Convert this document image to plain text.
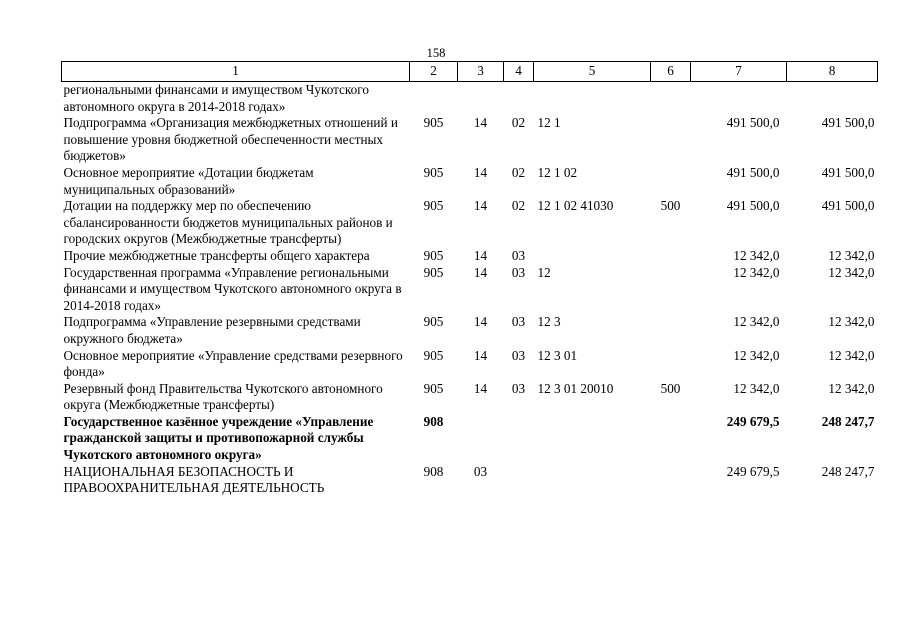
158
1	2	3	4	5	6	7	8
региональными финансами и имуществом Чукотского автономного округа в 2014-2018 годах»							
Подпрограмма «Организация межбюджетных отношений и повышение уровня бюджетной обеспеченности местных бюджетов»	905	14	02	12 1		491 500,0	491 500,0
Основное мероприятие «Дотации бюджетам муниципальных образований»	905	14	02	12 1 02		491 500,0	491 500,0
Дотации на поддержку мер по обеспечению сбалансированности бюджетов муниципальных районов и городских округов (Межбюджетные трансферты)	905	14	02	12 1 02 41030	500	491 500,0	491 500,0
Прочие межбюджетные трансферты общего характера	905	14	03			12 342,0	12 342,0
Государственная программа «Управление региональными финансами и имуществом Чукотского автономного округа в 2014-2018 годах»	905	14	03	12		12 342,0	12 342,0
Подпрограмма «Управление резервными средствами окружного бюджета»	905	14	03	12 3		12 342,0	12 342,0
Основное мероприятие «Управление средствами резервного фонда»	905	14	03	12 3 01		12 342,0	12 342,0
Резервный фонд Правительства Чукотского автономного округа (Межбюджетные трансферты)	905	14	03	12 3 01 20010	500	12 342,0	12 342,0
Государственное казённое учреждение «Управление гражданской защиты и противопожарной службы Чукотского автономного округа»	908					249 679,5	248 247,7
НАЦИОНАЛЬНАЯ БЕЗОПАСНОСТЬ И ПРАВООХРАНИТЕЛЬНАЯ ДЕЯТЕЛЬНОСТЬ	908	03				249 679,5	248 247,7
